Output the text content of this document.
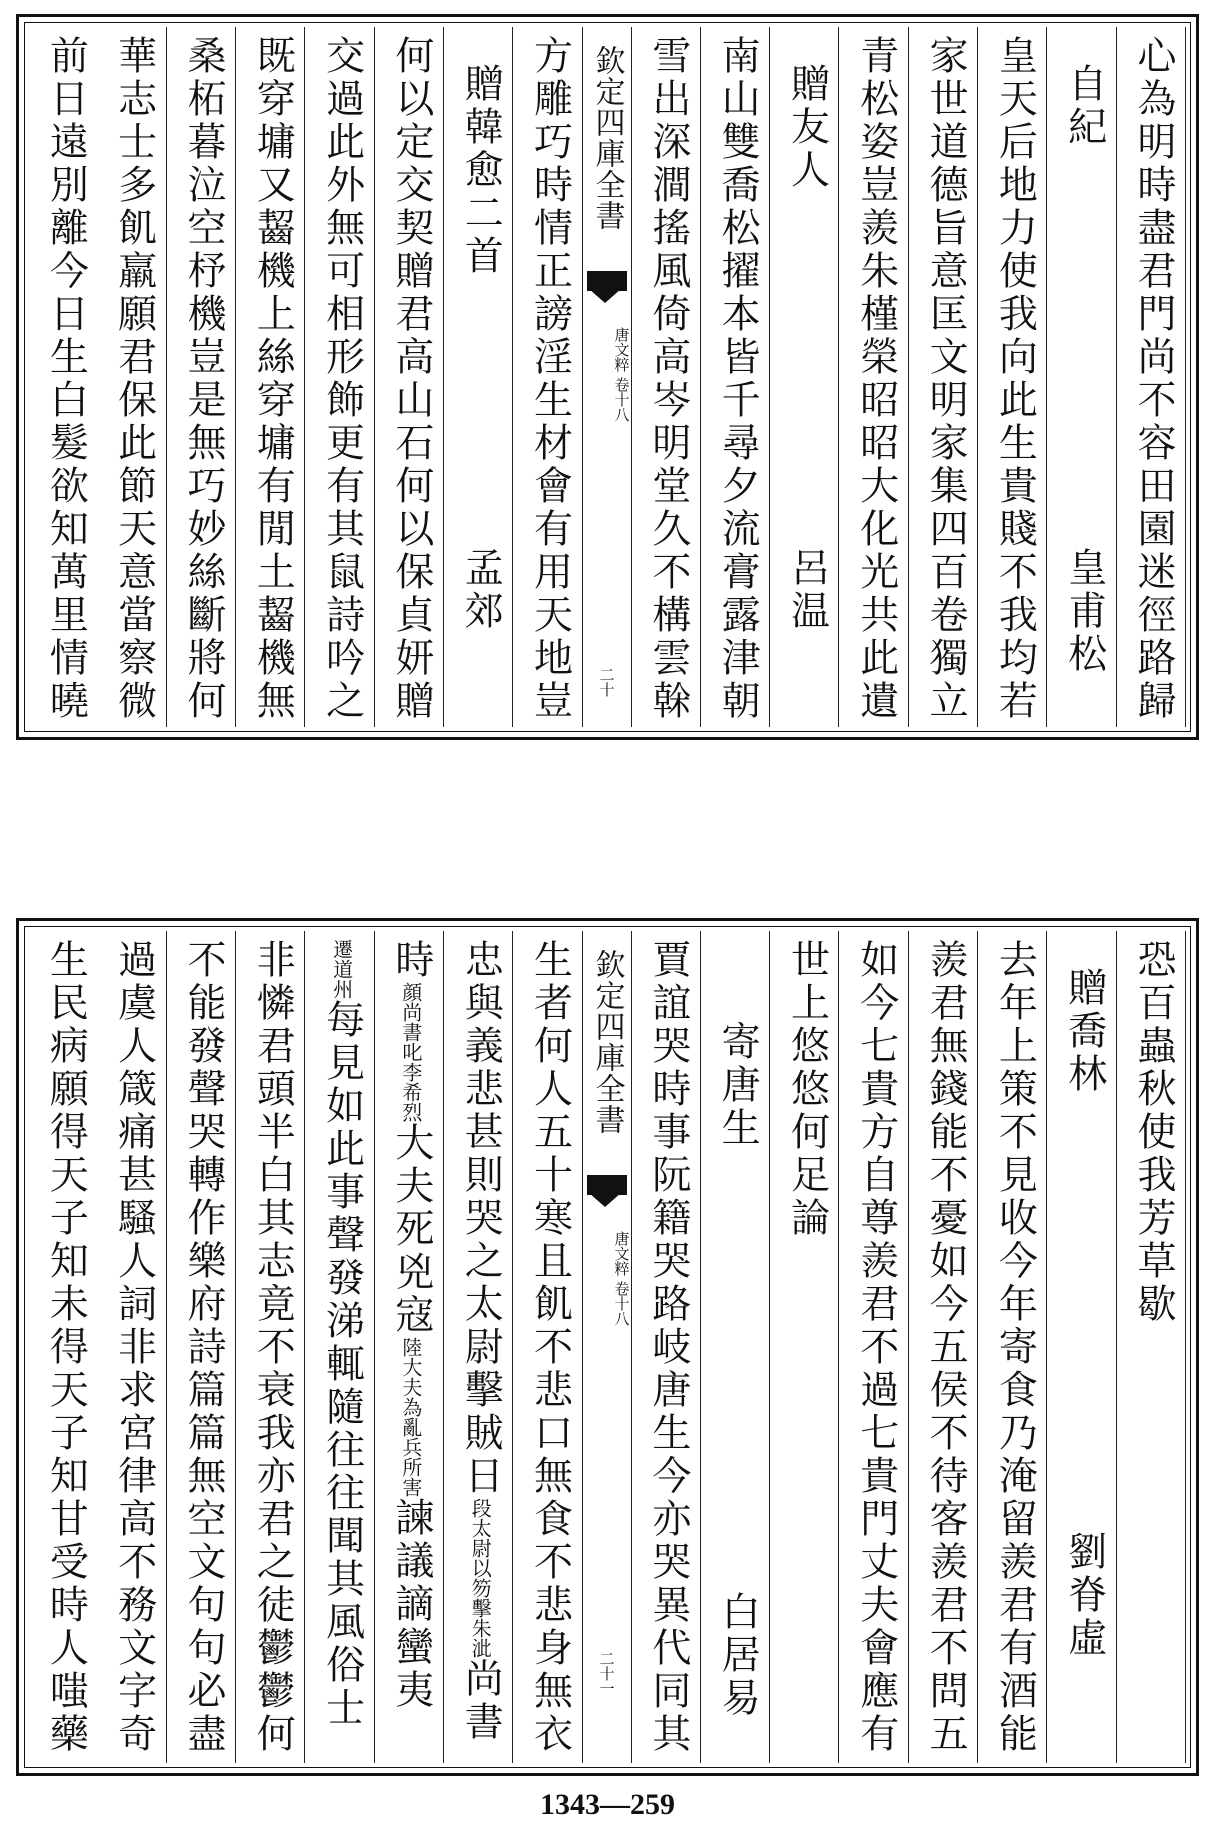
心為明時盡君門尚不容田園迷徑路歸
自紀
皇甫松
皇天后地力使我向此生貴賤不我均若
家世道德旨意匡文明家集四百卷獨立
青松姿豈羨朱槿榮昭昭大化光共此遺
贈友人
呂温
南山雙喬松擢本皆千尋夕流膏露津朝
雪出深澗搖風倚高岑明堂久不構雲榦
欽定四庫全書
唐文粹 卷十八
二十
方雕巧時情正謗淫生材會有用天地豈
贈韓愈二首
孟郊
何以定交契贈君高山石何以保貞妍贈
交過此外無可相形飾更有其鼠詩吟之
既穿墉又齧機上絲穿墉有閒土齧機無
桑柘暮泣空杼機豈是無巧妙絲斷將何
華志士多飢羸願君保此節天意當察微
前日遠別離今日生白髮欲知萬里情曉
恐百蟲秋使我芳草歇
贈喬林
劉脊虛
去年上策不見收今年寄食乃淹留羨君有酒能
羨君無錢能不憂如今五侯不待客羨君不問五
如今七貴方自尊羨君不過七貴門丈夫會應有
世上悠悠何足論
寄唐生
白居易
賈誼哭時事阮籍哭路岐唐生今亦哭異代同其
欽定四庫全書
唐文粹 卷十八
二十一
生者何人五十寒且飢不悲口無食不悲身無衣
忠與義悲甚則哭之太尉擊賊日段太尉以笏擊朱泚尚書
時顔尚書叱李希烈大夫死兇寇陸大夫為亂兵所害諫議謫蠻夷
遷道州每見如此事聲發涕輒隨往往聞其風俗士
非憐君頭半白其志竟不衰我亦君之徒鬱鬱何
不能發聲哭轉作樂府詩篇篇無空文句句必盡
過虞人箴痛甚騷人詞非求宮律高不務文字奇
生民病願得天子知未得天子知甘受時人嗤藥
1343—259
